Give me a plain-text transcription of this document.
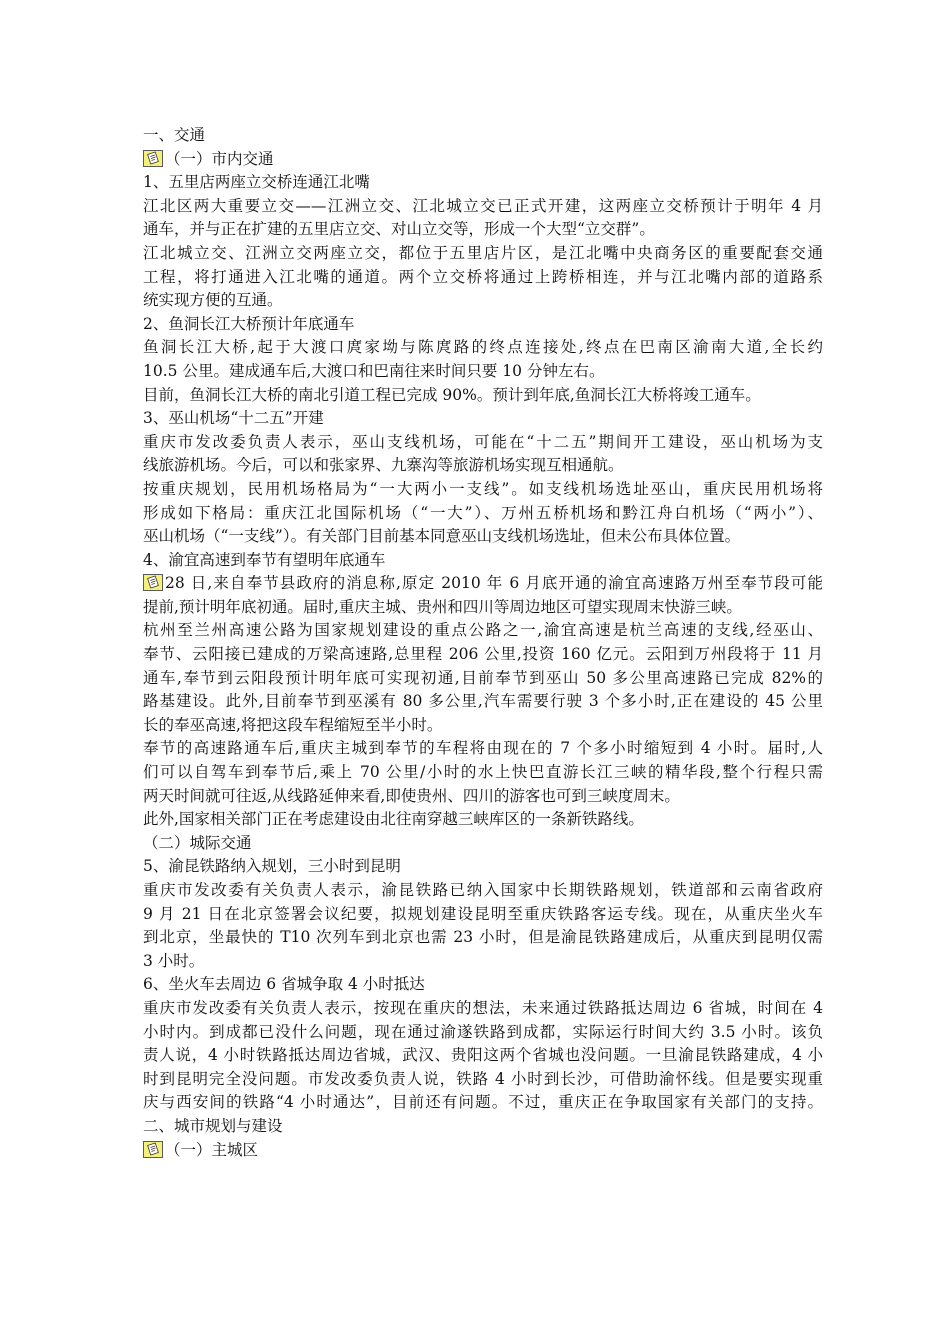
一、交通
（一）市内交通
1、五里店两座立交桥连通江北嘴
江北区两大重要立交——江洲立交、江北城立交已正式开建，这两座立交桥预计于明年 4 月
通车，并与正在扩建的五里店立交、对山立交等，形成一个大型“立交群”。
江北城立交、江洲立交两座立交，都位于五里店片区，是江北嘴中央商务区的重要配套交通
工程，将打通进入江北嘴的通道。两个立交桥将通过上跨桥相连，并与江北嘴内部的道路系
统实现方便的互通。
2、鱼洞长江大桥预计年底通车
鱼洞长江大桥,起于大渡口庹家坳与陈庹路的终点连接处,终点在巴南区渝南大道,全长约
10.5 公里。建成通车后,大渡口和巴南往来时间只要 10 分钟左右。
目前，鱼洞长江大桥的南北引道工程已完成 90%。预计到年底,鱼洞长江大桥将竣工通车。
3、巫山机场“十二五”开建
重庆市发改委负责人表示，巫山支线机场，可能在“十二五”期间开工建设，巫山机场为支
线旅游机场。今后，可以和张家界、九寨沟等旅游机场实现互相通航。
按重庆规划，民用机场格局为“一大两小一支线”。如支线机场选址巫山，重庆民用机场将
形成如下格局：重庆江北国际机场（“一大”）、万州五桥机场和黔江舟白机场（“两小”）、
巫山机场（“一支线”）。有关部门目前基本同意巫山支线机场选址，但未公布具体位置。
4、渝宜高速到奉节有望明年底通车
28 日,来自奉节县政府的消息称,原定 2010 年 6 月底开通的渝宜高速路万州至奉节段可能
提前,预计明年底初通。届时,重庆主城、贵州和四川等周边地区可望实现周末快游三峡。
杭州至兰州高速公路为国家规划建设的重点公路之一,渝宜高速是杭兰高速的支线,经巫山、
奉节、云阳接已建成的万梁高速路,总里程 206 公里,投资 160 亿元。云阳到万州段将于 11 月
通车,奉节到云阳段预计明年底可实现初通,目前奉节到巫山 50 多公里高速路已完成 82%的
路基建设。此外,目前奉节到巫溪有 80 多公里,汽车需要行驶 3 个多小时,正在建设的 45 公里
长的奉巫高速,将把这段车程缩短至半小时。
奉节的高速路通车后,重庆主城到奉节的车程将由现在的 7 个多小时缩短到 4 小时。届时,人
们可以自驾车到奉节后,乘上 70 公里/小时的水上快巴直游长江三峡的精华段,整个行程只需
两天时间就可往返,从线路延伸来看,即使贵州、四川的游客也可到三峡度周末。
此外,国家相关部门正在考虑建设由北往南穿越三峡库区的一条新铁路线。
（二）城际交通
5、渝昆铁路纳入规划，三小时到昆明
重庆市发改委有关负责人表示，渝昆铁路已纳入国家中长期铁路规划，铁道部和云南省政府
9 月 21 日在北京签署会议纪要，拟规划建设昆明至重庆铁路客运专线。现在，从重庆坐火车
到北京，坐最快的 T10 次列车到北京也需 23 小时，但是渝昆铁路建成后，从重庆到昆明仅需
3 小时。
6、坐火车去周边 6 省城争取 4 小时抵达
重庆市发改委有关负责人表示，按现在重庆的想法，未来通过铁路抵达周边 6 省城，时间在 4
小时内。到成都已没什么问题，现在通过渝遂铁路到成都，实际运行时间大约 3.5 小时。该负
责人说，4 小时铁路抵达周边省城，武汉、贵阳这两个省城也没问题。一旦渝昆铁路建成，4 小
时到昆明完全没问题。市发改委负责人说，铁路 4 小时到长沙，可借助渝怀线。但是要实现重
庆与西安间的铁路“4 小时通达”，目前还有问题。不过，重庆正在争取国家有关部门的支持。
二、城市规划与建设
（一）主城区
